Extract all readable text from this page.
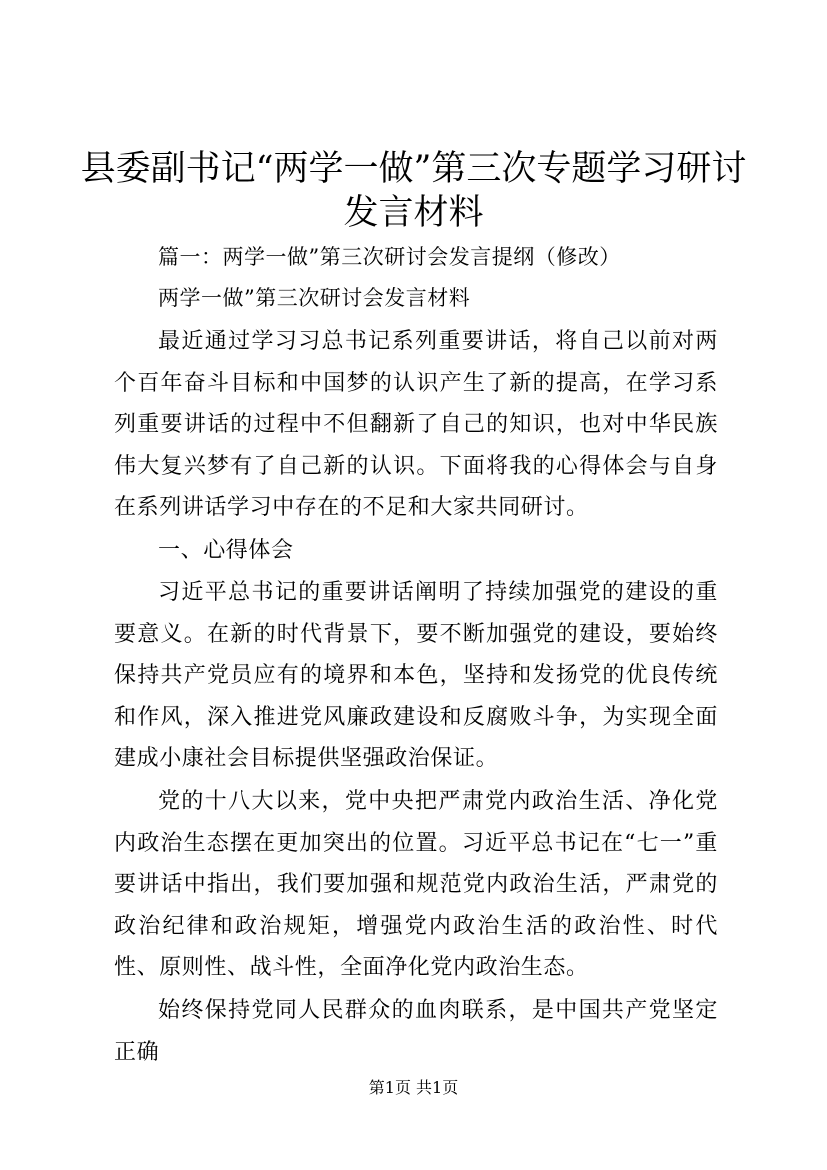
县委副书记“两学一做”第三次专题学习研讨
发言材料
篇一：两学一做”第三次研讨会发言提纲（修改）
两学一做”第三次研讨会发言材料

最近通过学习习总书记系列重要讲话，将自己以前对两个百年奋斗目标和中国梦的认识产生了新的提高，在学习系列重要讲话的过程中不但翻新了自己的知识，也对中华民族伟大复兴梦有了自己新的认识。下面将我的心得体会与自身在系列讲话学习中存在的不足和大家共同研讨。

一、心得体会

习近平总书记的重要讲话阐明了持续加强党的建设的重要意义。在新的时代背景下，要不断加强党的建设，要始终保持共产党员应有的境界和本色，坚持和发扬党的优良传统和作风，深入推进党风廉政建设和反腐败斗争，为实现全面建成小康社会目标提供坚强政治保证。

党的十八大以来，党中央把严肃党内政治生活、净化党内政治生态摆在更加突出的位置。习近平总书记在“七一”重要讲话中指出，我们要加强和规范党内政治生活，严肃党的政治纪律和政治规矩，增强党内政治生活的政治性、时代性、原则性、战斗性，全面净化党内政治生态。

始终保持党同人民群众的血肉联系，是中国共产党坚定正确

第1页 共1页
